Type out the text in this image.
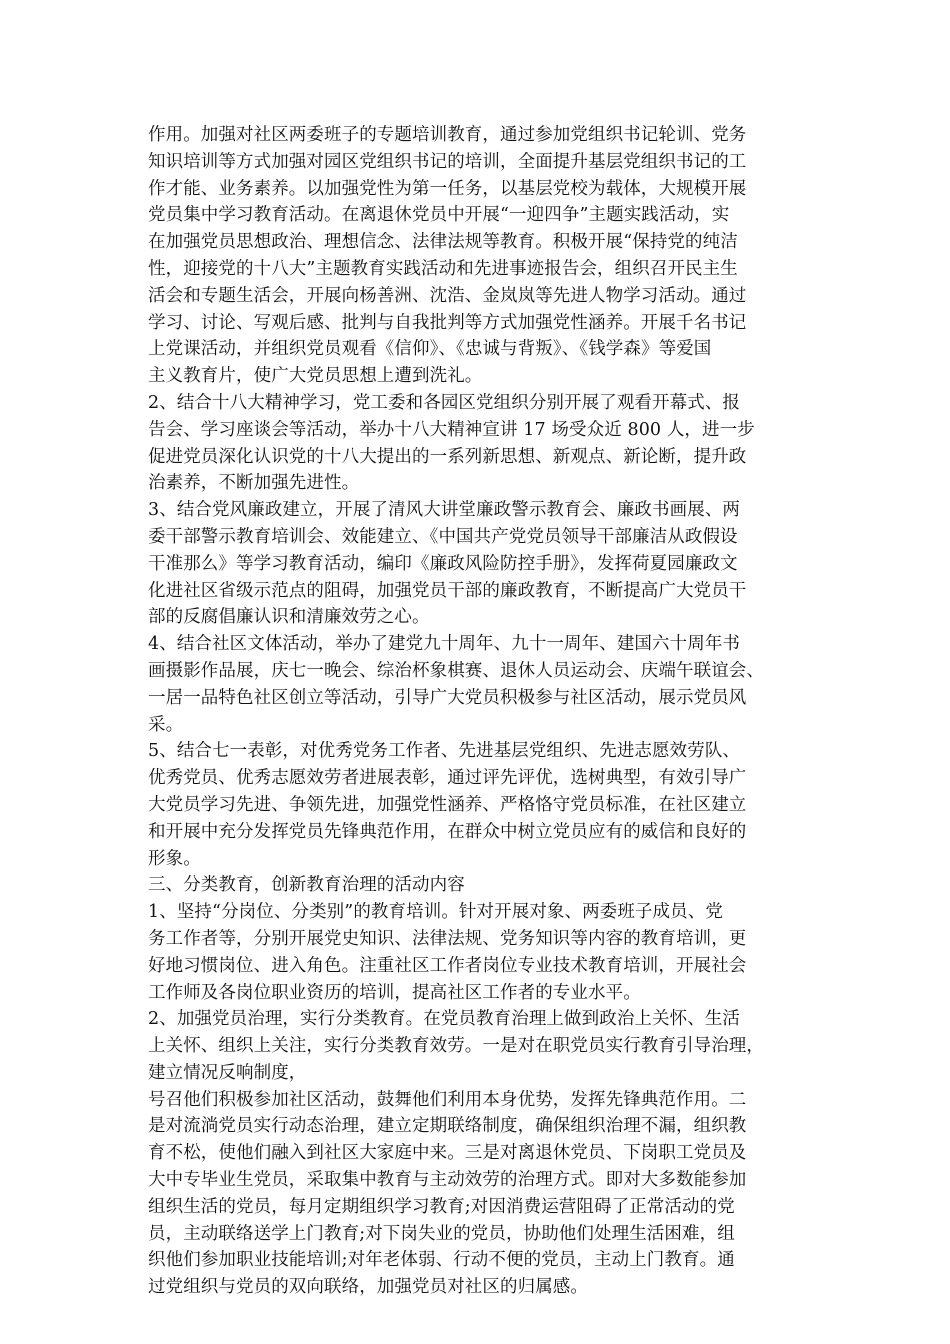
作用。加强对社区两委班子的专题培训教育，通过参加党组织书记轮训、党务
知识培训等方式加强对园区党组织书记的培训，全面提升基层党组织书记的工
作才能、业务素养。以加强党性为第一任务，以基层党校为载体，大规模开展
党员集中学习教育活动。在离退休党员中开展“一迎四争”主题实践活动，实
在加强党员思想政治、理想信念、法律法规等教育。积极开展“保持党的纯洁
性，迎接党的十八大”主题教育实践活动和先进事迹报告会，组织召开民主生
活会和专题生活会，开展向杨善洲、沈浩、金岚岚等先进人物学习活动。通过
学习、讨论、写观后感、批判与自我批判等方式加强党性涵养。开展千名书记
上党课活动，并组织党员观看《信仰》、《忠诚与背叛》、《钱学森》等爱国
主义教育片，使广大党员思想上遭到洗礼。
2、结合十八大精神学习，党工委和各园区党组织分别开展了观看开幕式、报
告会、学习座谈会等活动，举办十八大精神宣讲 17 场受众近 800 人，进一步
促进党员深化认识党的十八大提出的一系列新思想、新观点、新论断，提升政
治素养，不断加强先进性。
3、结合党风廉政建立，开展了清风大讲堂廉政警示教育会、廉政书画展、两
委干部警示教育培训会、效能建立、《中国共产党党员领导干部廉洁从政假设
干准那么》等学习教育活动，编印《廉政风险防控手册》，发挥荷夏园廉政文
化进社区省级示范点的阻碍，加强党员干部的廉政教育，不断提高广大党员干
部的反腐倡廉认识和清廉效劳之心。
4、结合社区文体活动，举办了建党九十周年、九十一周年、建国六十周年书
画摄影作品展，庆七一晚会、综治杯象棋赛、退休人员运动会、庆端午联谊会、
一居一品特色社区创立等活动，引导广大党员积极参与社区活动，展示党员风
采。
5、结合七一表彰，对优秀党务工作者、先进基层党组织、先进志愿效劳队、
优秀党员、优秀志愿效劳者进展表彰，通过评先评优，选树典型，有效引导广
大党员学习先进、争领先进，加强党性涵养、严格恪守党员标准，在社区建立
和开展中充分发挥党员先锋典范作用，在群众中树立党员应有的威信和良好的
形象。
三、分类教育，创新教育治理的活动内容
1、坚持“分岗位、分类别”的教育培训。针对开展对象、两委班子成员、党
务工作者等，分别开展党史知识、法律法规、党务知识等内容的教育培训，更
好地习惯岗位、进入角色。注重社区工作者岗位专业技术教育培训，开展社会
工作师及各岗位职业资历的培训，提高社区工作者的专业水平。
2、加强党员治理，实行分类教育。在党员教育治理上做到政治上关怀、生活
上关怀、组织上关注，实行分类教育效劳。一是对在职党员实行教育引导治理，
建立情况反响制度，
号召他们积极参加社区活动，鼓舞他们利用本身优势，发挥先锋典范作用。二
是对流淌党员实行动态治理，建立定期联络制度，确保组织治理不漏，组织教
育不松，使他们融入到社区大家庭中来。三是对离退休党员、下岗职工党员及
大中专毕业生党员，采取集中教育与主动效劳的治理方式。即对大多数能参加
组织生活的党员，每月定期组织学习教育;对因消费运营阻碍了正常活动的党
员，主动联络送学上门教育;对下岗失业的党员，协助他们处理生活困难，组
织他们参加职业技能培训;对年老体弱、行动不便的党员，主动上门教育。通
过党组织与党员的双向联络，加强党员对社区的归属感。
